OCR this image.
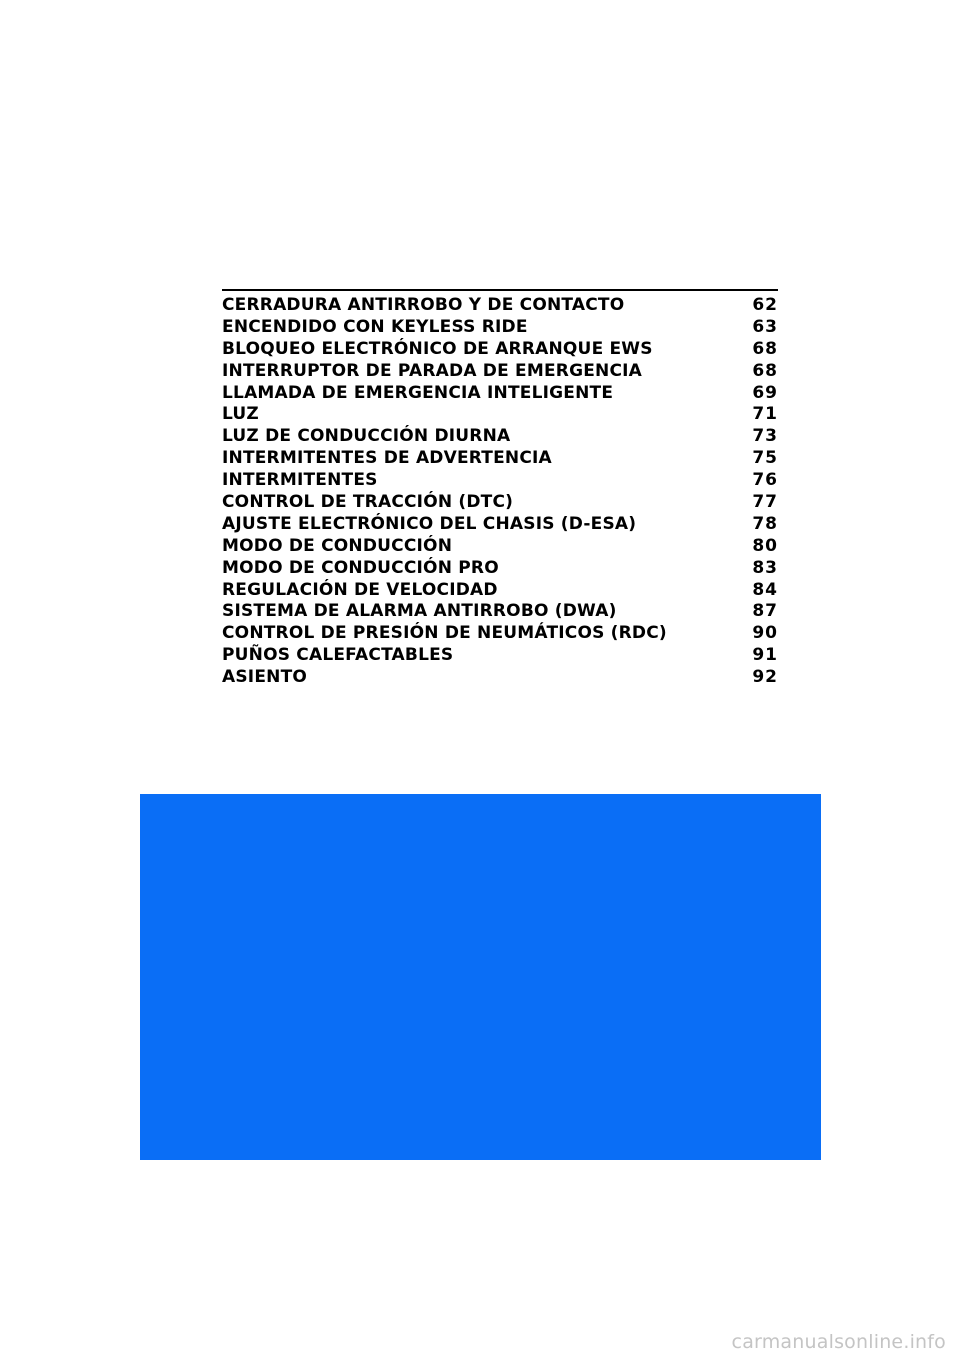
CERRADURA ANTIRROBO Y DE CONTACTO	62
ENCENDIDO CON KEYLESS RIDE	63
BLOQUEO ELECTRÓNICO DE ARRANQUE EWS	68
INTERRUPTOR DE PARADA DE EMERGENCIA	68
LLAMADA DE EMERGENCIA INTELIGENTE	69
LUZ	71
LUZ DE CONDUCCIÓN DIURNA	73
INTERMITENTES DE ADVERTENCIA	75
INTERMITENTES	76
CONTROL DE TRACCIÓN (DTC)	77
AJUSTE ELECTRÓNICO DEL CHASIS (D-ESA)	78
MODO DE CONDUCCIÓN	80
MODO DE CONDUCCIÓN PRO	83
REGULACIÓN DE VELOCIDAD	84
SISTEMA DE ALARMA ANTIRROBO (DWA)	87
CONTROL DE PRESIÓN DE NEUMÁTICOS (RDC)	90
PUÑOS CALEFACTABLES	91
ASIENTO	92
carmanualsonline.info
